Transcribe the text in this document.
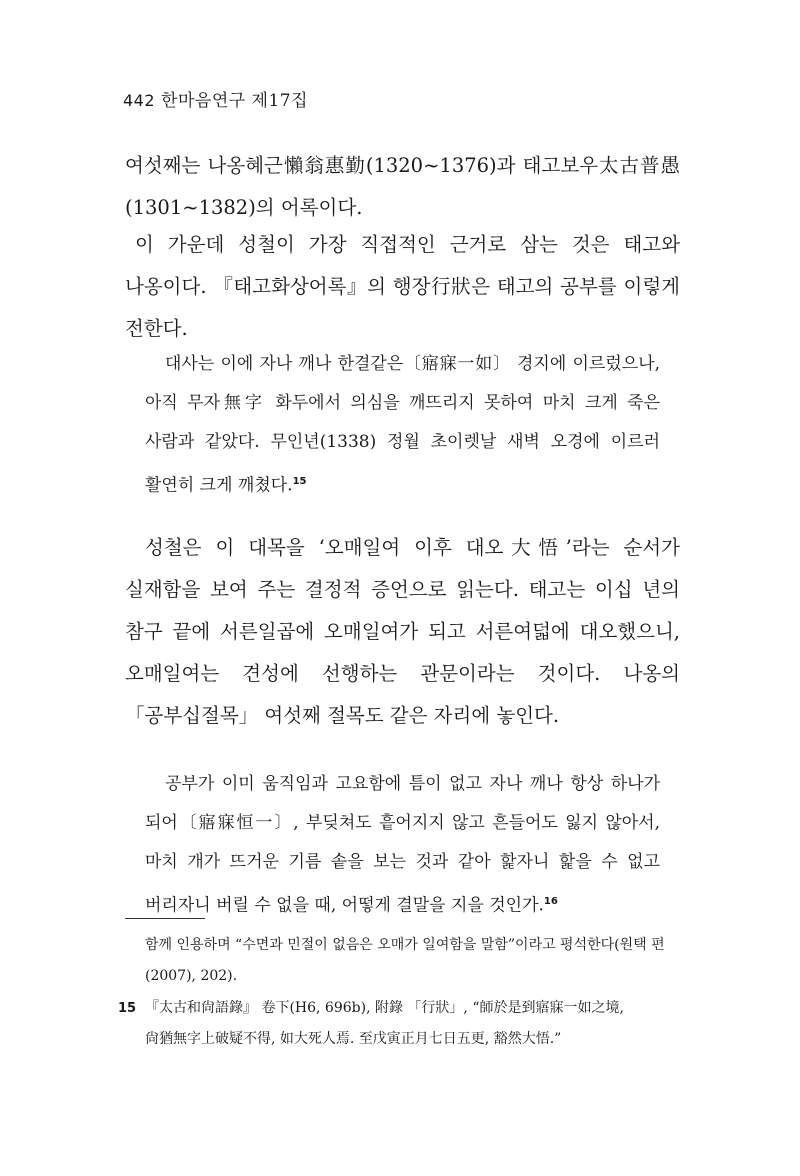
442 한마음연구 제17집

여섯째는 나옹혜근懶翁惠勤(1320~1376)과 태고보우太古普愚(1301~1382)의 어록이다.

이 가운데 성철이 가장 직접적인 근거로 삼는 것은 태고와 나옹이다. 『태고화상어록』의 행장行狀은 태고의 공부를 이렇게 전한다.

대사는 이에 자나 깨나 한결같은〔寤寐一如〕 경지에 이르렀으나, 아직 무자無字 화두에서 의심을 깨뜨리지 못하여 마치 크게 죽은 사람과 같았다. 무인년(1338) 정월 초이렛날 새벽 오경에 이르러 활연히 크게 깨쳤다.$^{15}$

성철은 이 대목을 ‘오매일여 이후 대오大悟’라는 순서가 실재함을 보여 주는 결정적 증언으로 읽는다. 태고는 이십 년의 참구 끝에 서른일곱에 오매일여가 되고 서른여덟에 대오했으니, 오매일여는 견성에 선행하는 관문이라는 것이다. 나옹의 「공부십절목」 여섯째 절목도 같은 자리에 놓인다.

공부가 이미 움직임과 고요함에 틈이 없고 자나 깨나 항상 하나가 되어〔寤寐恒一〕, 부딪쳐도 흩어지지 않고 흔들어도 잃지 않아서, 마치 개가 뜨거운 기름 솥을 보는 것과 같아 핥자니 핥을 수 없고 버리자니 버릴 수 없을 때, 어떻게 결말을 지을 것인가.$^{16}$

함께 인용하며 “수면과 민절이 없음은 오매가 일여함을 말함”이라고 평석한다(원택 편(2007), 202).

15 『太古和尙語錄』 卷下(H6, 696b), 附錄 「行狀」, “師於是到寤寐一如之境, 尙猶無字上破疑不得, 如大死人焉. 至戊寅正月七日五更, 豁然大悟.”
